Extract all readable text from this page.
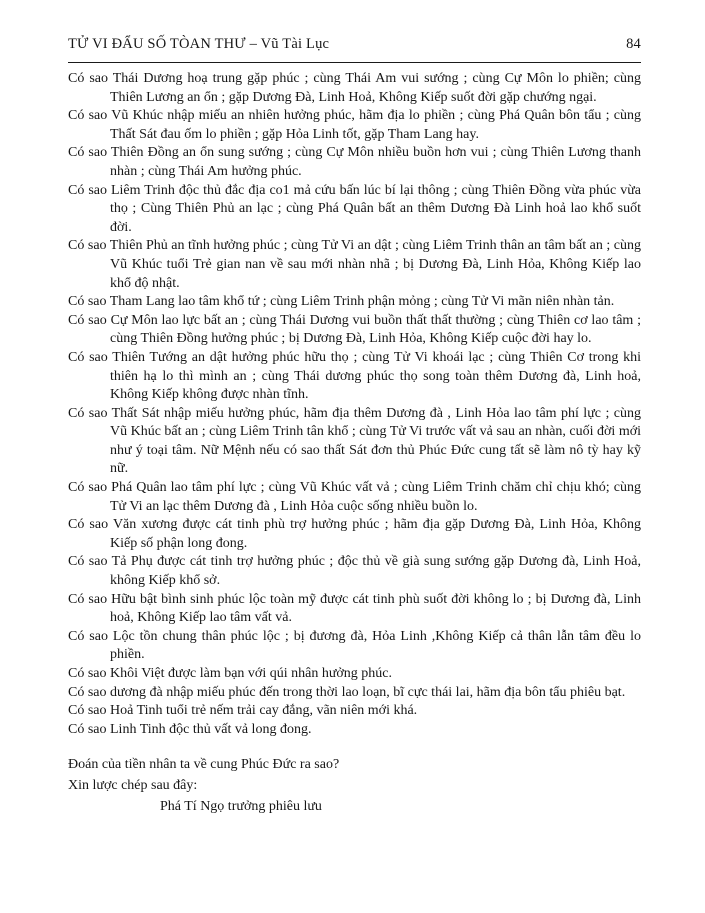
TỬ VI ĐẨU SỐ TÒAN THƯ – Vũ Tài Lục	84

Có sao Thái Dương hoạ trung gặp phúc ; cùng Thái Am vui sướng ; cùng Cự Môn lo phiền; cùng Thiên Lương an ổn ; gặp Dương Đà, Linh Hoả, Không Kiếp suốt đời gặp chướng ngại.

Có sao Vũ Khúc nhập miếu an nhiên hưởng phúc, hãm địa lo phiền ; cùng Phá Quân bôn tẩu ; cùng Thất Sát đau ốm lo phiền ; gặp Hỏa Linh tốt, gặp Tham Lang hay.

Có sao Thiên Đồng an ổn sung sướng ; cùng Cự Môn nhiều buồn hơn vui ; cùng Thiên Lương thanh nhàn ; cùng Thái Am hưởng phúc.

Có sao Liêm Trinh độc thủ đắc địa co1 mả cứu bấn lúc bí lại thông ; cùng Thiên Đồng vừa phúc vừa thọ ; Cùng Thiên Phủ an lạc ; cùng Phá Quân bất an thêm Dương Đà Linh hoả lao khổ suốt đời.

Có sao Thiên Phủ an tĩnh hưởng phúc ; cùng Tử Vi an dật ; cùng Liêm Trinh thân an tâm bất an ; cùng Vũ Khúc tuổi Trẻ gian nan về sau mới nhàn nhã ; bị Dương Đà, Linh Hỏa, Không Kiếp lao khổ độ nhật.

Có sao Tham Lang lao tâm khổ tứ ; cùng Liêm Trinh phận mỏng ; cùng Tử Vi mãn niên nhàn tản.

Có sao Cự Môn lao lực bất an ; cùng Thái Dương vui buồn thất thất thường ; cùng Thiên cơ lao tâm ; cùng Thiên Đồng hưởng phúc ; bị Dương Đà, Linh Hỏa, Không Kiếp cuộc đời hay lo.

Có sao Thiên Tướng an dật hưởng phúc hữu thọ ; cùng Tử Vi khoái lạc ; cùng Thiên Cơ trong khi thiên hạ lo thì mình an ; cùng Thái dương phúc thọ song toàn thêm Dương đà, Linh hoả, Không Kiếp không được nhàn tĩnh.

Có sao Thất Sát nhập miếu hưởng phúc, hãm địa thêm Dương đà , Linh Hỏa lao tâm phí lực ; cùng Vũ Khúc bất an ; cùng Liêm Trinh tân khổ ; cùng Tử Vi trước vất vả sau an nhàn, cuối đời mới như ý toại tâm. Nữ Mệnh nếu có sao thất Sát đơn thủ Phúc Đức cung tất sẽ làm nô tỳ hay kỹ nữ.

Có sao Phá Quân lao tâm phí lực ; cùng Vũ Khúc vất vả ; cùng Liêm Trinh chăm chỉ chịu khó; cùng Tử Vi an lạc thêm Dương đà , Linh Hỏa cuộc sống nhiều buồn lo.

Có sao Văn xương được cát tinh phù trợ hưởng phúc ; hãm địa gặp Dương Đà, Linh Hỏa, Không Kiếp số phận long đong.

Có sao Tả Phụ được cát tinh trợ hưởng phúc ; độc thủ về già sung sướng gặp Dương đà, Linh Hoả, không Kiếp khổ sở.

Có sao Hữu bật bình sinh phúc lộc toàn mỹ được cát tinh phù suốt đời không lo ; bị Dương đà, Linh hoả, Không Kiếp lao tâm vất vả.

Có sao Lộc tồn chung thân phúc lộc ; bị đương đà, Hỏa Linh ,Không Kiếp cả thân lẫn tâm đều lo phiền.

Có sao Khôi Việt được làm bạn với qúi nhân hưởng phúc.

Có sao dương đà nhập miếu phúc đến trong thời lao loạn, bĩ cực thái lai, hãm địa bôn tẩu phiêu bạt.

Có sao Hoả Tinh tuổi trẻ nếm trải cay đắng, vãn niên mới khá.

Có sao Linh Tinh độc thủ vất vả long đong.

Đoán của tiền nhân ta về cung Phúc Đức ra sao?

Xin lược chép sau đây:

Phá Tí Ngọ trưởng phiêu lưu
